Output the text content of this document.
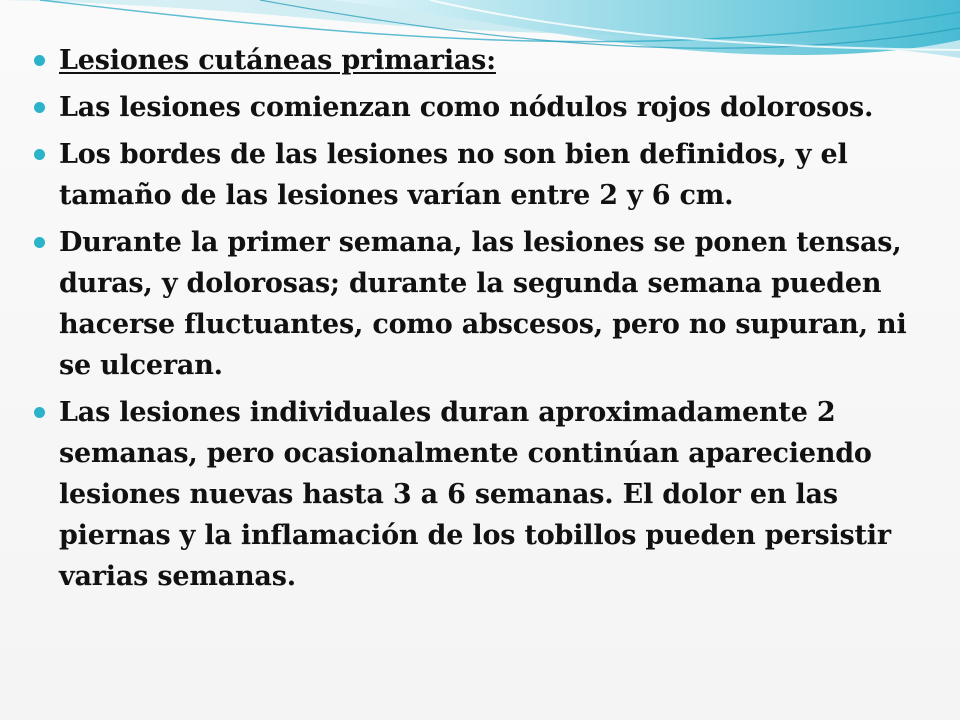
Lesiones cutáneas primarias:
Las lesiones comienzan como nódulos rojos dolorosos.
Los bordes de las lesiones no son bien definidos, y el tamaño de las lesiones varían entre 2 y 6 cm.
Durante la primer semana, las lesiones se ponen tensas, duras, y dolorosas; durante la segunda semana pueden hacerse fluctuantes, como abscesos, pero no supuran, ni se ulceran.
Las lesiones individuales duran aproximadamente 2 semanas, pero ocasionalmente continúan apareciendo lesiones nuevas hasta 3 a 6 semanas. El dolor en las piernas y la inflamación de los tobillos pueden persistir varias semanas.
